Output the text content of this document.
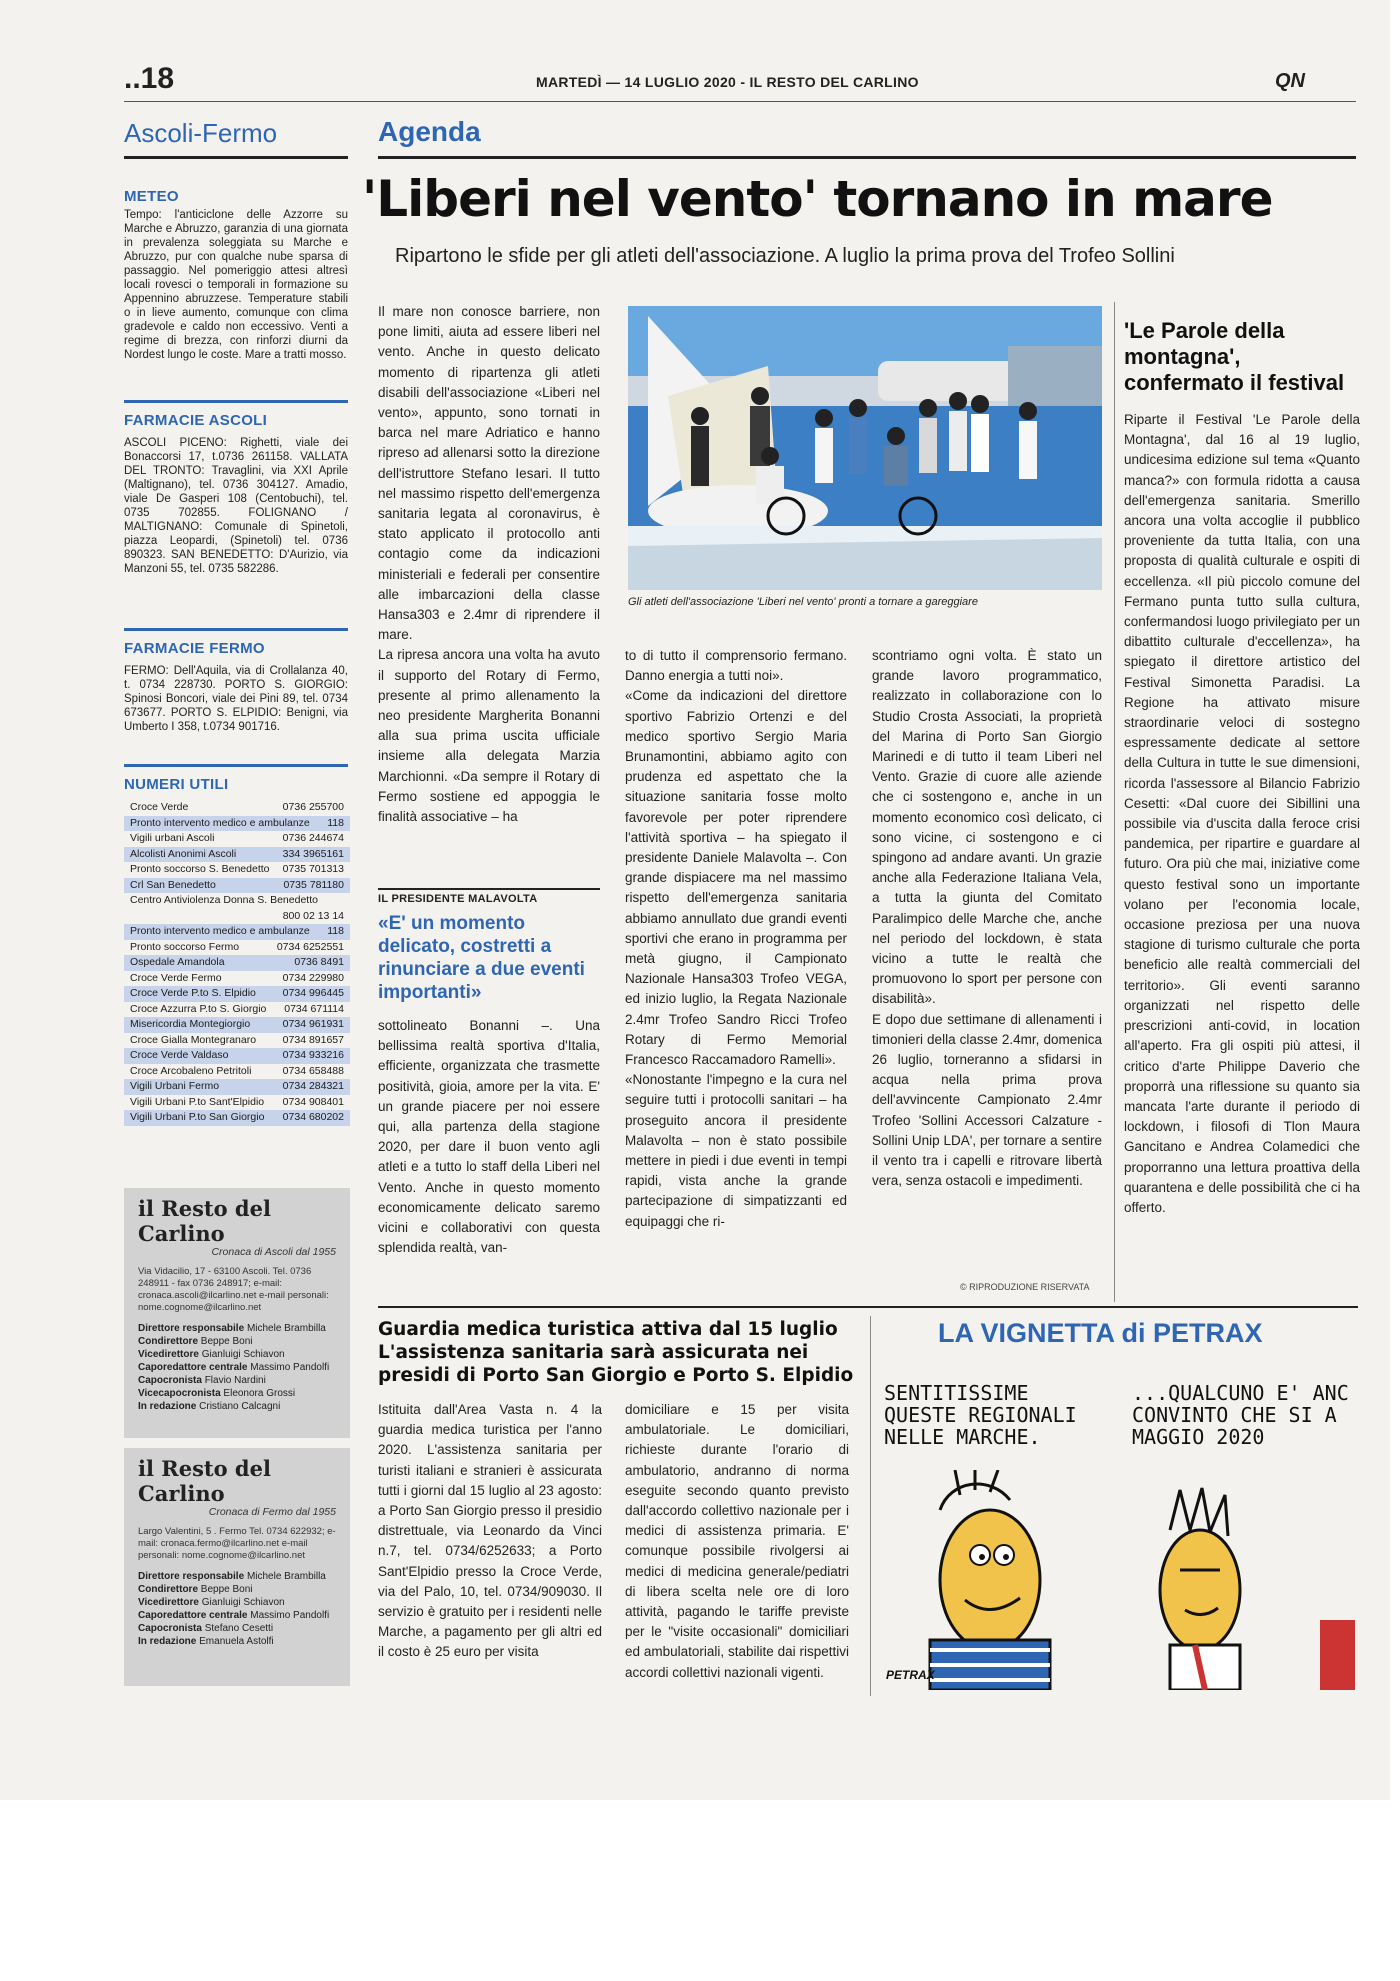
..18	MARTEDÌ — 14 LUGLIO 2020 - IL RESTO DEL CARLINO	QN
Ascoli-Fermo	Agenda
METEO
Tempo: l'anticiclone delle Azzorre su Marche e Abruzzo, garanzia di una giornata in prevalenza soleggiata su Marche e Abruzzo, pur con qualche nube sparsa di passaggio. Nel pomeriggio attesi altresì locali rovesci o temporali in formazione su Appennino abruzzese. Temperature stabili o in lieve aumento, comunque con clima gradevole e caldo non eccessivo. Venti a regime di brezza, con rinforzi diurni da Nordest lungo le coste. Mare a tratti mosso.
FARMACIE ASCOLI
ASCOLI PICENO: Righetti, viale dei Bonaccorsi 17, t.0736 261158. VALLATA DEL TRONTO: Travaglini, via XXI Aprile (Maltignano), tel. 0736 304127. Amadio, viale De Gasperi 108 (Centobuchi), tel. 0735 702855. FOLIGNANO / MALTIGNANO: Comunale di Spinetoli, piazza Leopardi, (Spinetoli) tel. 0736 890323. SAN BENEDETTO: D'Aurizio, via Manzoni 55, tel. 0735 582286.
FARMACIE FERMO
FERMO: Dell'Aquila, via di Crollalanza 40, t. 0734 228730. PORTO S. GIORGIO: Spinosi Boncori, viale dei Pini 89, tel. 0734 673677. PORTO S. ELPIDIO: Benigni, via Umberto I 358, t.0734 901716.
NUMERI UTILI
Croce Verde	0736 255700
Pronto intervento medico e ambulanze 118
Vigili urbani Ascoli	0736 244674
Alcolisti Anonimi Ascoli	334 3965161
Pronto soccorso S. Benedetto 0735 701313
Crl San Benedetto	0735 781180
Centro Antiviolenza Donna S. Benedetto
800 02 13 14
Pronto intervento medico e ambulanze 118
Pronto soccorso Fermo	0734 6252551
Ospedale Amandola	0736 8491
Croce Verde Fermo	0734 229980
Croce Verde P.to S. Elpidio	0734 996445
Croce Azzurra P.to S. Giorgio 0734 671114
Misericordia Montegiorgio	0734 961931
Croce Gialla Montegranaro	0734 891657
Croce Verde Valdaso	0734 933216
Croce Arcobaleno Petritoli	0734 658488
Vigili Urbani Fermo	0734 284321
Vigili Urbani P.to Sant'Elpidio 0734 908401
Vigili Urbani P.to San Giorgio 0734 680202
il Resto del Carlino
Cronaca di Ascoli dal 1955
Via Vidacilio, 17 - 63100 Ascoli. Tel. 0736 248911 - fax 0736 248917; e-mail: cronaca.ascoli@ilcarlino.net e-mail personali: nome.cognome@ilcarlino.net
Direttore responsabile Michele Brambilla
Condirettore Beppe Boni
Vicedirettore Gianluigi Schiavon
Caporedattore centrale Massimo Pandolfi
Capocronista Flavio Nardini
Vicecapocronista Eleonora Grossi
In redazione Cristiano Calcagni
il Resto del Carlino
Cronaca di Fermo dal 1955
Largo Valentini, 5 . Fermo Tel. 0734 622932; e-mail: cronaca.fermo@ilcarlino.net e-mail personali: nome.cognome@ilcarlino.net
Direttore responsabile Michele Brambilla
Condirettore Beppe Boni
Vicedirettore Gianluigi Schiavon
Caporedattore centrale Massimo Pandolfi
Capocronista Stefano Cesetti
In redazione Emanuela Astolfi
'Liberi nel vento' tornano in mare
Ripartono le sfide per gli atleti dell'associazione. A luglio la prima prova del Trofeo Sollini

Il mare non conosce barriere, non pone limiti, aiuta ad essere liberi nel vento. Anche in questo delicato momento di ripartenza gli atleti disabili dell'associazione «Liberi nel vento», appunto, sono tornati in barca nel mare Adriatico e hanno ripreso ad allenarsi sotto la direzione dell'istruttore Stefano Iesari. Il tutto nel massimo rispetto dell'emergenza sanitaria legata al coronavirus, è stato applicato il protocollo anti contagio come da indicazioni ministeriali e federali per consentire alle imbarcazioni della classe Hansa303 e 2.4mr di riprendere il mare.

La ripresa ancora una volta ha avuto il supporto del Rotary di Fermo, presente al primo allenamento la neo presidente Margherita Bonanni alla sua prima uscita ufficiale insieme alla delegata Marzia Marchionni. «Da sempre il Rotary di Fermo sostiene ed appoggia le finalità associative – ha

IL PRESIDENTE MALAVOLTA
«E' un momento delicato, costretti a rinunciare a due eventi importanti»
sottolineato Bonanni –. Una bellissima realtà sportiva d'Italia, efficiente, organizzata che trasmette positività, gioia, amore per la vita. E' un grande piacere per noi essere qui, alla partenza della stagione 2020, per dare il buon vento agli atleti e a tutto lo staff della Liberi nel Vento. Anche in questo momento economicamente delicato saremo vicini e collaborativi con questa splendida realtà, van-
Gli atleti dell'associazione 'Liberi nel vento' pronti a tornare a gareggiare

to di tutto il comprensorio fermano. Danno energia a tutti noi».

«Come da indicazioni del direttore sportivo Fabrizio Ortenzi e del medico sportivo Sergio Maria Brunamontini, abbiamo agito con prudenza ed aspettato che la situazione sanitaria fosse molto favorevole per poter riprendere l'attività sportiva – ha spiegato il presidente Daniele Malavolta –. Con grande dispiacere ma nel massimo rispetto dell'emergenza sanitaria abbiamo annullato due grandi eventi sportivi che erano in programma per metà giugno, il Campionato Nazionale Hansa303 Trofeo VEGA, ed inizio luglio, la Regata Nazionale 2.4mr Trofeo Sandro Ricci Trofeo Rotary di Fermo Memorial Francesco Raccamadoro Ramelli».

«Nonostante l'impegno e la cura nel seguire tutti i protocolli sanitari – ha proseguito ancora il presidente Malavolta – non è stato possibile mettere in piedi i due eventi in tempi rapidi, vista anche la grande partecipazione di simpatizzanti ed equipaggi che ri-

scontriamo ogni volta. È stato un grande lavoro programmatico, realizzato in collaborazione con lo Studio Crosta Associati, la proprietà del Marina di Porto San Giorgio Marinedi e di tutto il team Liberi nel Vento. Grazie di cuore alle aziende che ci sostengono e, anche in un momento economico così delicato, ci sono vicine, ci sostengono e ci spingono ad andare avanti. Un grazie anche alla Federazione Italiana Vela, a tutta la giunta del Comitato Paralimpico delle Marche che, anche nel periodo del lockdown, è stata vicino a tutte le realtà che promuovono lo sport per persone con disabilità».

E dopo due settimane di allenamenti i timonieri della classe 2.4mr, domenica 26 luglio, torneranno a sfidarsi in acqua nella prima prova dell'avvincente Campionato 2.4mr Trofeo 'Sollini Accessori Calzature - Sollini Unip LDA', per tornare a sentire il vento tra i capelli e ritrovare libertà vera, senza ostacoli e impedimenti.

© RIPRODUZIONE RISERVATA
'Le Parole della montagna', confermato il festival
Riparte il Festival 'Le Parole della Montagna', dal 16 al 19 luglio, undicesima edizione sul tema «Quanto manca?» con formula ridotta a causa dell'emergenza sanitaria. Smerillo ancora una volta accoglie il pubblico proveniente da tutta Italia, con una proposta di qualità culturale e ospiti di eccellenza. «Il più piccolo comune del Fermano punta tutto sulla cultura, confermandosi luogo privilegiato per un dibattito culturale d'eccellenza», ha spiegato il direttore artistico del Festival Simonetta Paradisi. La Regione ha attivato misure straordinarie veloci di sostegno espressamente dedicate al settore della Cultura in tutte le sue dimensioni, ricorda l'assessore al Bilancio Fabrizio Cesetti: «Dal cuore dei Sibillini una possibile via d'uscita dalla feroce crisi pandemica, per ripartire e guardare al futuro. Ora più che mai, iniziative come questo festival sono un importante volano per l'economia locale, occasione preziosa per una nuova stagione di turismo culturale che porta beneficio alle realtà commerciali del territorio». Gli eventi saranno organizzati nel rispetto delle prescrizioni anti-covid, in location all'aperto. Fra gli ospiti più attesi, il critico d'arte Philippe Daverio che proporrà una riflessione su quanto sia mancata l'arte durante il periodo di lockdown, i filosofi di Tlon Maura Gancitano e Andrea Colamedici che proporranno una lettura proattiva della quarantena e delle possibilità che ci ha offerto.
Guardia medica turistica attiva dal 15 luglio L'assistenza sanitaria sarà assicurata nei presidi di Porto San Giorgio e Porto S. Elpidio
Istituita dall'Area Vasta n. 4 la guardia medica turistica per l'anno 2020. L'assistenza sanitaria per turisti italiani e stranieri è assicurata tutti i giorni dal 15 luglio al 23 agosto: a Porto San Giorgio presso il presidio distrettuale, via Leonardo da Vinci n.7, tel. 0734/6252633; a Porto Sant'Elpidio presso la Croce Verde, via del Palo, 10, tel. 0734/909030. Il servizio è gratuito per i residenti nelle Marche, a pagamento per gli altri ed il costo è 25 euro per visita
domiciliare e 15 per visita ambulatoriale. Le domiciliari, richieste durante l'orario di ambulatorio, andranno di norma eseguite secondo quanto previsto dall'accordo collettivo nazionale per i medici di assistenza primaria. E' comunque possibile rivolgersi ai medici di medicina generale/pediatri di libera scelta nele ore di loro attività, pagando le tariffe previste per le "visite occasionali" domiciliari ed ambulatoriali, stabilite dai rispettivi accordi collettivi nazionali vigenti.
LA VIGNETTA di PETRAX
SENTITISSIME QUESTE REGIONALI NELLE MARCHE.
...QUALCUNO E' ANC CONVINTO CHE SI A MAGGIO 2020
PETRAX
